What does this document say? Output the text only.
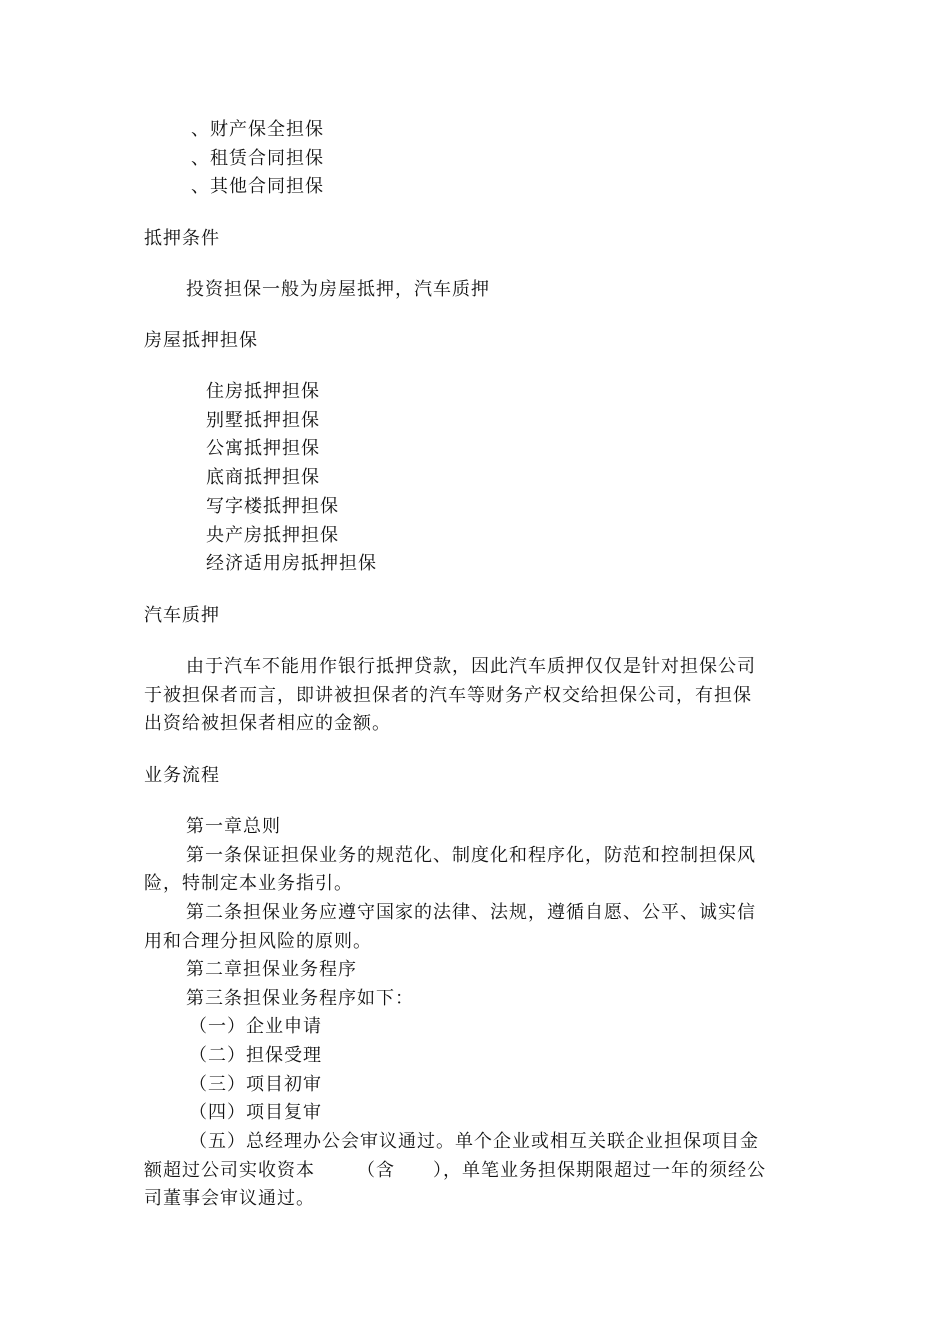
、财产保全担保
、租赁合同担保
、其他合同担保
抵押条件
投资担保一般为房屋抵押，汽车质押
房屋抵押担保
住房抵押担保
别墅抵押担保
公寓抵押担保
底商抵押担保
写字楼抵押担保
央产房抵押担保
经济适用房抵押担保
汽车质押
由于汽车不能用作银行抵押贷款，因此汽车质押仅仅是针对担保公司
于被担保者而言，即讲被担保者的汽车等财务产权交给担保公司，有担保
出资给被担保者相应的金额。
业务流程
第一章总则
第一条保证担保业务的规范化、制度化和程序化，防范和控制担保风
险，特制定本业务指引。
第二条担保业务应遵守国家的法律、法规，遵循自愿、公平、诚实信
用和合理分担风险的原则。
第二章担保业务程序
第三条担保业务程序如下：
（一）企业申请
（二）担保受理
（三）项目初审
（四）项目复审
（五）总经理办公会审议通过。单个企业或相互关联企业担保项目金
额超过公司实收资本 （含 ），单笔业务担保期限超过一年的须经公
司董事会审议通过。
